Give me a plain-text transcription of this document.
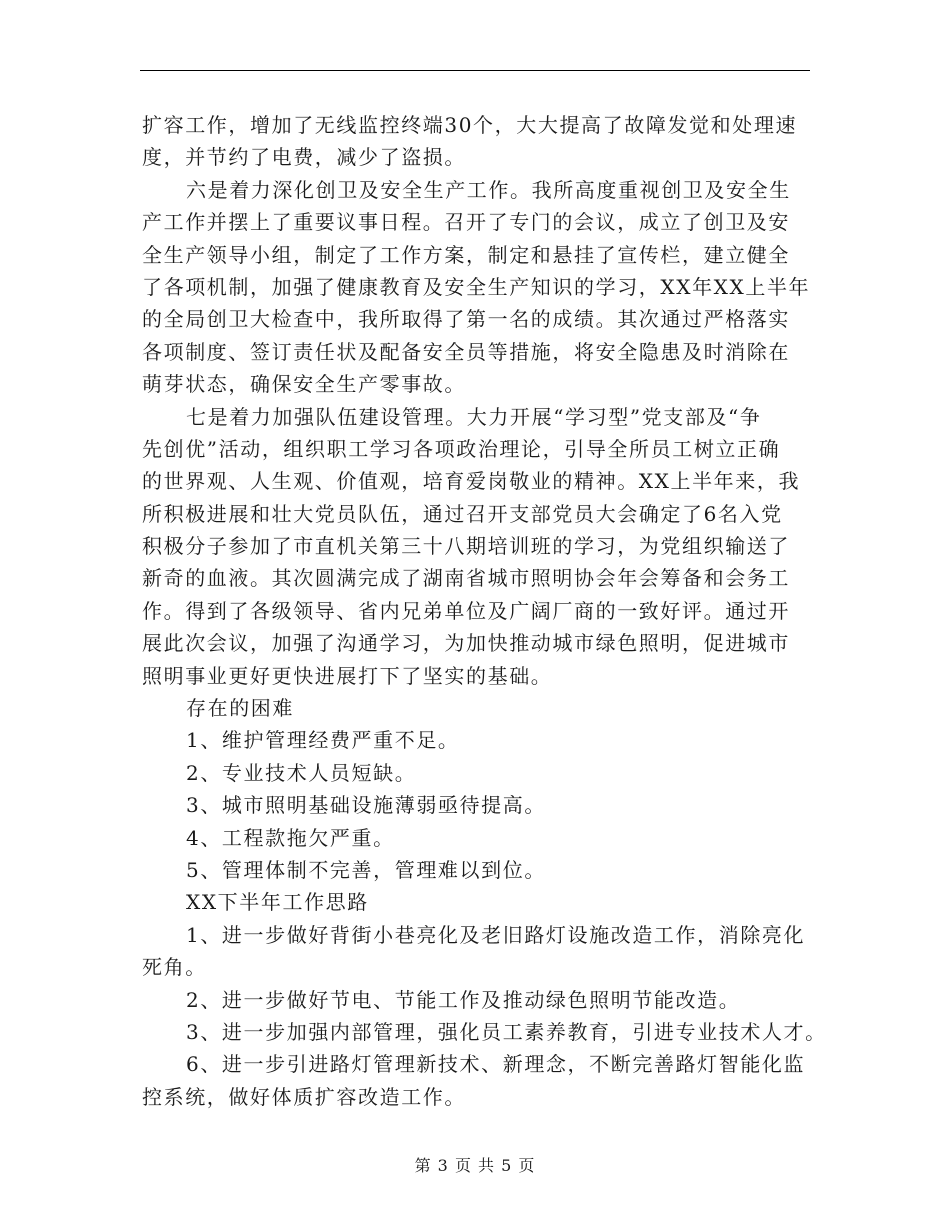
扩容工作，增加了无线监控终端30个，大大提高了故障发觉和处理速
度，并节约了电费，减少了盗损。
六是着力深化创卫及安全生产工作。我所高度重视创卫及安全生
产工作并摆上了重要议事日程。召开了专门的会议，成立了创卫及安
全生产领导小组，制定了工作方案，制定和悬挂了宣传栏，建立健全
了各项机制，加强了健康教育及安全生产知识的学习，XX年XX上半年
的全局创卫大检查中，我所取得了第一名的成绩。其次通过严格落实
各项制度、签订责任状及配备安全员等措施，将安全隐患及时消除在
萌芽状态，确保安全生产零事故。
七是着力加强队伍建设管理。大力开展“学习型”党支部及“争
先创优”活动，组织职工学习各项政治理论，引导全所员工树立正确
的世界观、人生观、价值观，培育爱岗敬业的精神。XX上半年来，我
所积极进展和壮大党员队伍，通过召开支部党员大会确定了6名入党
积极分子参加了市直机关第三十八期培训班的学习，为党组织输送了
新奇的血液。其次圆满完成了湖南省城市照明协会年会筹备和会务工
作。得到了各级领导、省内兄弟单位及广阔厂商的一致好评。通过开
展此次会议，加强了沟通学习，为加快推动城市绿色照明，促进城市
照明事业更好更快进展打下了坚实的基础。
存在的困难
1、维护管理经费严重不足。
2、专业技术人员短缺。
3、城市照明基础设施薄弱亟待提高。
4、工程款拖欠严重。
5、管理体制不完善，管理难以到位。
XX下半年工作思路
1、进一步做好背街小巷亮化及老旧路灯设施改造工作，消除亮化
死角。
2、进一步做好节电、节能工作及推动绿色照明节能改造。
3、进一步加强内部管理，强化员工素养教育，引进专业技术人才。
6、进一步引进路灯管理新技术、新理念，不断完善路灯智能化监
控系统，做好体质扩容改造工作。
第 3 页 共 5 页
